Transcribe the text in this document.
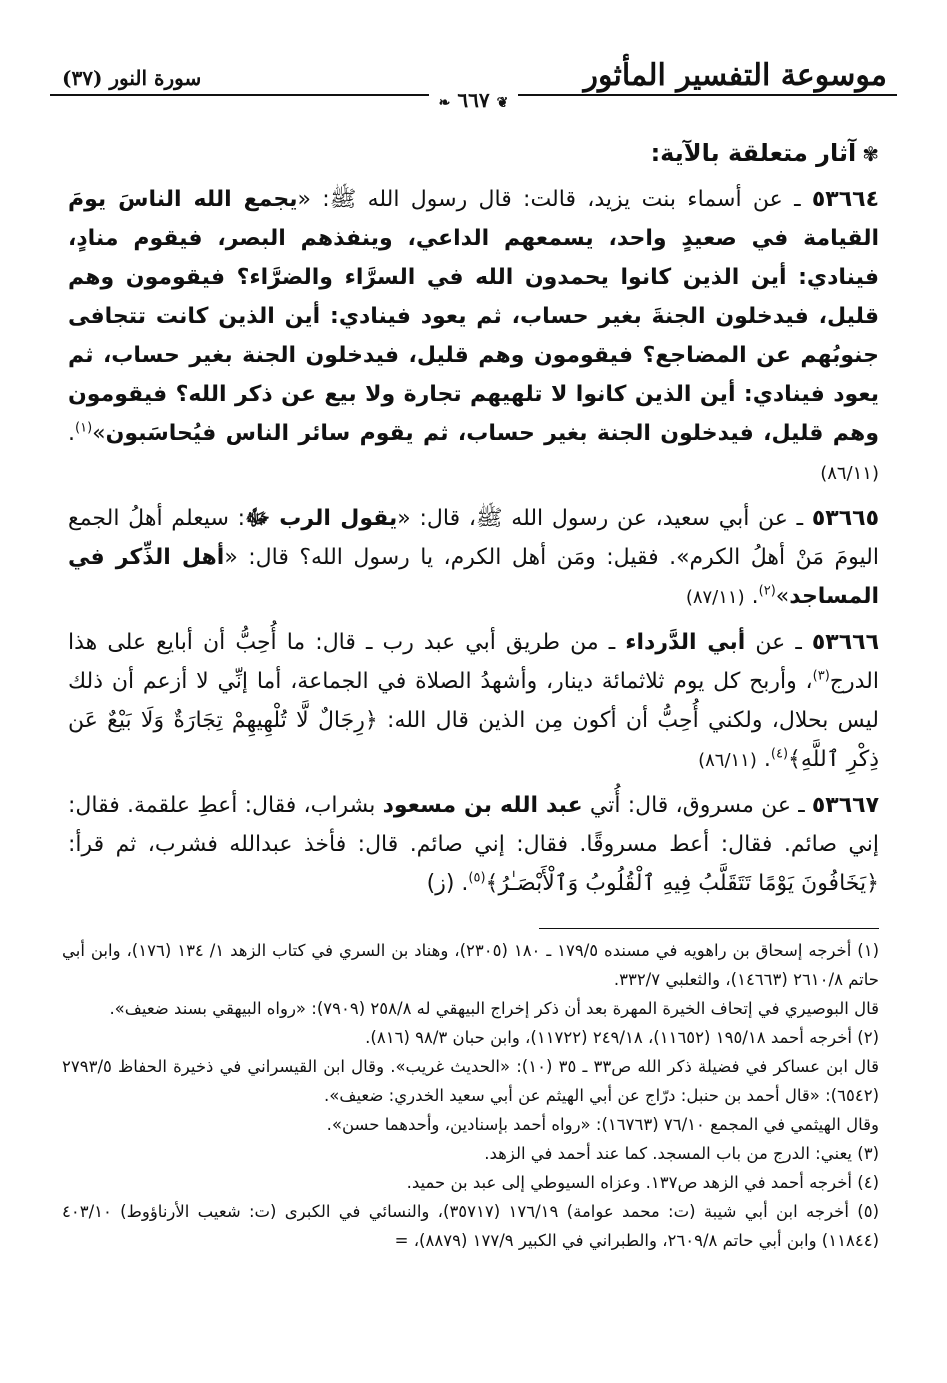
موسوعة التفسير المأثور
سورة النور (٣٧)
❦ ٦٦٧ ❧
✾آثار متعلقة بالآية:

٥٣٦٦٤ ـ عن أسماء بنت يزيد، قالت: قال رسول الله ﷺ: «يجمع الله الناسَ يومَ القيامة في صعيدٍ واحد، يسمعهم الداعي، وينفذهم البصر، فيقوم منادٍ، فينادي: أين الذين كانوا يحمدون الله في السرَّاء والضرَّاء؟ فيقومون وهم قليل، فيدخلون الجنةَ بغير حساب، ثم يعود فينادي: أين الذين كانت تتجافى جنوبُهم عن المضاجع؟ فيقومون وهم قليل، فيدخلون الجنة بغير حساب، ثم يعود فينادي: أين الذين كانوا لا تلهيهم تجارة ولا بيع عن ذكر الله؟ فيقومون وهم قليل، فيدخلون الجنة بغير حساب، ثم يقوم سائر الناس فيُحاسَبون»$^{(١)}$. (٨٦/١١)

٥٣٦٦٥ ـ عن أبي سعيد، عن رسول الله ﷺ، قال: «يقول الرب ﷻ: سيعلم أهلُ الجمع اليومَ مَنْ أهلُ الكرم». فقيل: ومَن أهل الكرم، يا رسول الله؟ قال: «أهل الذِّكر في المساجد»$^{(٢)}$. (٨٧/١١)

٥٣٦٦٦ ـ عن أبي الدَّرداء ـ من طريق أبي عبد رب ـ قال: ما أُحِبُّ أن أبايع على هذا الدرج$^{(٣)}$، وأربح كل يوم ثلاثمائة دينار، وأشهدُ الصلاة في الجماعة، أما إنِّي لا أزعم أن ذلك ليس بحلال، ولكني أُحِبُّ أن أكون مِن الذين قال الله: ﴿رِجَالٌ لَّا تُلْهِيهِمْ تِجَارَةٌ وَلَا بَيْعٌ عَن ذِكْرِ ٱللَّهِ﴾$^{(٤)}$. (٨٦/١١)

٥٣٦٦٧ ـ عن مسروق، قال: أُتي عبد الله بن مسعود بشراب، فقال: أعطِ علقمة. فقال: إني صائم. فقال: أعط مسروقًا. فقال: إني صائم. قال: فأخذ عبدالله فشرب، ثم قرأ: ﴿يَخَافُونَ يَوْمًا تَتَقَلَّبُ فِيهِ ٱلْقُلُوبُ وَٱلْأَبْصَـٰرُ﴾$^{(٥)}$. (ز)

(١) أخرجه إسحاق بن راهويه في مسنده ١٧٩/٥ ـ ١٨٠ (٢٣٠٥)، وهناد بن السري في كتاب الزهد ١/ ١٣٤ (١٧٦)، وابن أبي حاتم ٢٦١٠/٨ (١٤٦٦٣)، والثعلبي ٣٣٢/٧.

قال البوصيري في إتحاف الخيرة المهرة بعد أن ذكر إخراج البيهقي له ٢٥٨/٨ (٧٩٠٩): «رواه البيهقي بسند ضعيف».

(٢) أخرجه أحمد ١٩٥/١٨ (١١٦٥٢)، ٢٤٩/١٨ (١١٧٢٢)، وابن حبان ٩٨/٣ (٨١٦).

قال ابن عساكر في فضيلة ذكر الله ص٣٣ ـ ٣٥ (١٠): «الحديث غريب». وقال ابن القيسراني في ذخيرة الحفاظ ٢٧٩٣/٥ (٦٥٤٢): «قال أحمد بن حنبل: درّاج عن أبي الهيثم عن أبي سعيد الخدري: ضعيف».

وقال الهيثمي في المجمع ٧٦/١٠ (١٦٧٦٣): «رواه أحمد بإسنادين، وأحدهما حسن».

(٣) يعني: الدرج من باب المسجد. كما عند أحمد في الزهد.

(٤) أخرجه أحمد في الزهد ص١٣٧. وعزاه السيوطي إلى عبد بن حميد.

(٥) أخرجه ابن أبي شيبة (ت: محمد عوامة) ١٧٦/١٩ (٣٥٧١٧)، والنسائي في الكبرى (ت: شعيب الأرناؤوط) ٤٠٣/١٠ (١١٨٤٤) وابن أبي حاتم ٢٦٠٩/٨، والطبراني في الكبير ١٧٧/٩ (٨٨٧٩)، =
